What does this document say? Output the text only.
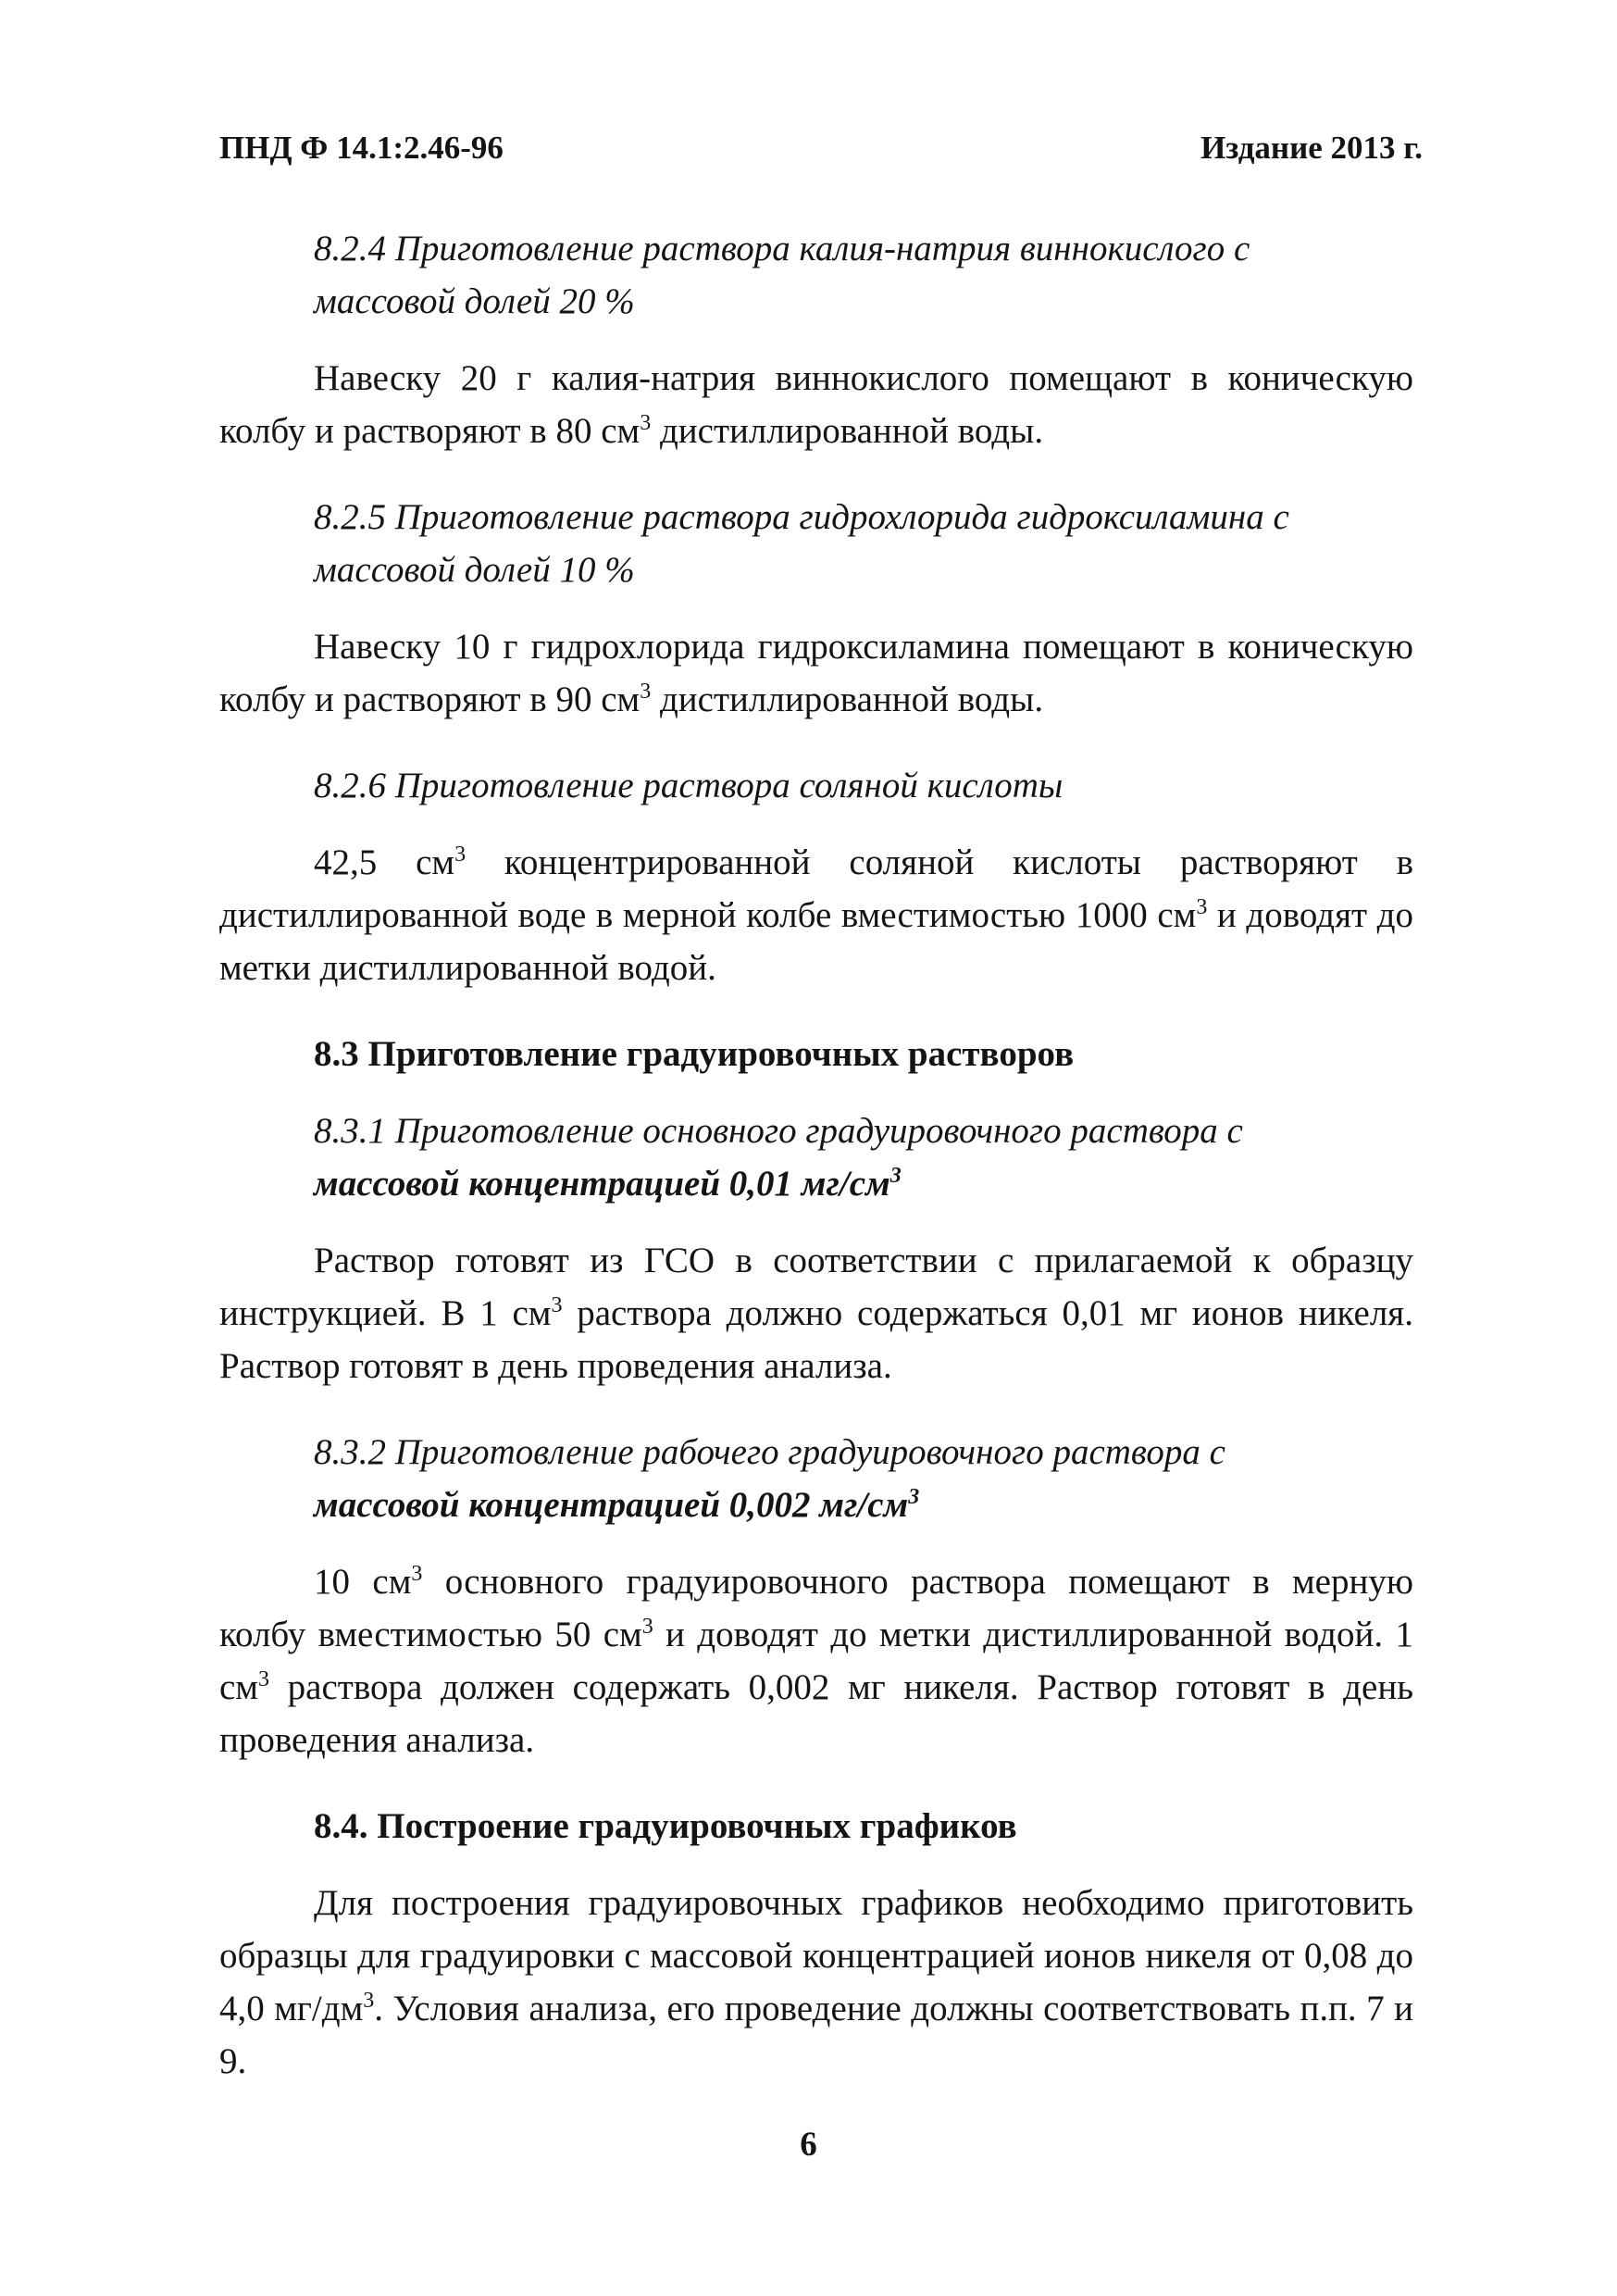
ПНД Ф 14.1:2.46-96	Издание 2013 г.
8.2.4 Приготовление раствора калия-натрия виннокислого с
массовой долей 20 %

Навеску 20 г калия-натрия виннокислого помещают в коническую колбу и растворяют в 80 $см^3$ дистиллированной воды.

8.2.5 Приготовление раствора гидрохлорида гидроксиламина с
массовой долей 10 %

Навеску 10 г гидрохлорида гидроксиламина помещают в коническую колбу и растворяют в 90 $см^3$ дистиллированной воды.

8.2.6 Приготовление раствора соляной кислоты

42,5 $см^3$ концентрированной соляной кислоты растворяют в дистиллированной воде в мерной колбе вместимостью 1000 $см^3$ и доводят до метки дистиллированной водой.

8.3 Приготовление градуировочных растворов
8.3.1 Приготовление основного градуировочного раствора с
массовой концентрацией 0,01 $мг/см^3$

Раствор готовят из ГСО в соответствии с прилагаемой к образцу инструкцией. В 1 $см^3$ раствора должно содержаться 0,01 мг ионов никеля. Раствор готовят в день проведения анализа.

8.3.2 Приготовление рабочего градуировочного раствора с
массовой концентрацией 0,002 $мг/см^3$

10 $см^3$ основного градуировочного раствора помещают в мерную колбу вместимостью 50 $см^3$ и доводят до метки дистиллированной водой. 1 $см^3$ раствора должен содержать 0,002 мг никеля. Раствор готовят в день проведения анализа.

8.4. Построение градуировочных графиков

Для построения градуировочных графиков необходимо приготовить образцы для градуировки с массовой концентрацией ионов никеля от 0,08 до 4,0 $мг/дм^3$. Условия анализа, его проведение должны соответствовать п.п. 7 и 9.

6
